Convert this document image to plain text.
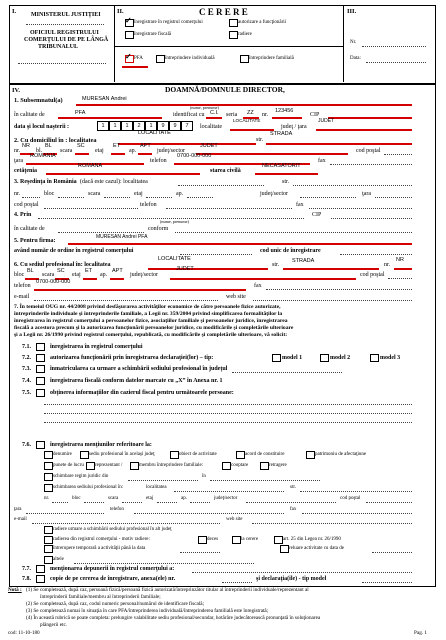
I. MINISTERUL JUSTIŢIEI
OFICIUL REGISTRULUI
COMERŢULUI DE PE LÂNGĂ
TRIBUNALUL
II.	C E R E R E
✓ înregistrare în registrul comerţului	autorizare a funcţionării
înregistrare fiscală	radiere
✓ PFA	întreprindere individuală	întreprindere familială
III.
Nr.
Data:
IV.	DOAMNĂ/DOMNULE DIRECTOR,
1. Subsemnatul(a)	MURESAN Andrei
(nume, prenume)
în calitate de	PFA	identificat cu C.I. seria ZZ nr.
123456
CIP
data şi locul naşterii :	1	1	1	2	1	9	9	7	localitate
LOCALITATE
judeţ / ţara
JUDET
2. Cu domiciliul în : localitatea
LOCALITATE
str.
STRADA
nr.
NR
bl.
BL
scara
SC
etaj
ET
ap.
APT
judeţ/sector
JUDET
cod poştal
ţara
ROMANIA
telefon
0700-000-000
fax
cetăţenia
ROMANA
starea civilă
NECASATORIT
3. Reşedinţa în România (dacă este cazul): localitatea	str.
nr.	bloc	scara	etaj	ap.	judeţ/sector	ţara
cod poştal	telefon	fax
4. Prin
(nume, prenume)
CIP
în calitate de	conform
5. Pentru firma:
MURESAN Andrei PFA
având număr de ordine în registrul comerţului	cod unic de înregistrare
6. Cu sediul profesional în: localitatea
LOCALITATE
str.
STRADA
nr.
NR
bloc
BL
scara
SC
etaj
ET
ap.
APT
judeţ/sector
JUDET
cod poştal
telefon
0700-000-000
fax
e-mail	web site
7. În temeiul OUG nr. 44/2008 privind desfăşurarea activităţilor economice de către persoanele fizice autorizate,
întreprinderile individuale şi întreprinderile familiale, a Legii nr. 359/2004 privind simplificarea formalităţilor la
înregistrarea în registrul comerţului a persoanelor fizice, asociaţiilor familiale şi persoanelor juridice, înregistrarea
fiscală a acestora precum şi la autorizarea funcţionării persoanelor juridice, cu modificările şi completările ulterioare
şi a Legii nr. 26/1990 privind registrul comerţului, republicată, cu modificările şi completările ulterioare, vă solicit:
7.1.	înregistrarea în registrul comerţului
7.2.	autorizarea funcţionării prin înregistrarea declaraţiei(lor) – tip:	model 1	model 2	model 3
7.3.	înmatricularea ca urmare a schimbării sediului profesional în judeţul
7.4.	înregistrarea fiscală conform datelor marcate cu „X” în Anexa nr. 1
7.5.	obţinerea informaţiilor din cazierul fiscal pentru următoarele persoane:
7.6.	înregistrarea menţiunilor referitoare la:
denumire	sediu profesional în acelaşi judeţ	obiect de activitate	acord de constituire	patrimoniu de afectaţiune
punete de lucru reprezentant /	membru întreprindere familiale:	cooptare	retragere
schimbare regim juridic din	în
schimbarea sediului profesional în:	localitatea	str.
nr.	bloc	scara	etaj	ap.	judeţ/sector	cod poştal
ţara	telefon	fax
e-mail	web site
radiere urmare a schimbării sediului profesional în alt judeţ
radierea din registrul comerţului - motiv radiere:	deces	la cerere	art. 25 din Legea nr. 26/1990
întrerupere temporară a activităţii până la data	reluare activitate cu data de
altele
7.7.	menţionarea depunerii în registrul comerţului a:
7.8.	copie de pe cererea de înregistrare, anexa(ele) nr.	şi declaraţia(ile) - tip model
Notă : (1) Se completează, după caz, persoană fizică/persoană fizică autorizată/întreprinzător titular al întreprinderii individuale/reprezentant al
întreprinderii familiale/membru al întreprinderii familiale;
(2) Se completează, după caz, codul numeric personal/numărul de identificare fiscală;
(3) Se completează numai în situaţia în care PFA/întreprinderea individuală/întreprinderea familială este înregistrată;
(4) În această rubrică se poate completa: prelungire valabilitate sediu profesional/secundar, hotărâre judecătorească pronunţată în soluţionarea
plângerii etc.
cod: 11-10-180	Pag. 1
